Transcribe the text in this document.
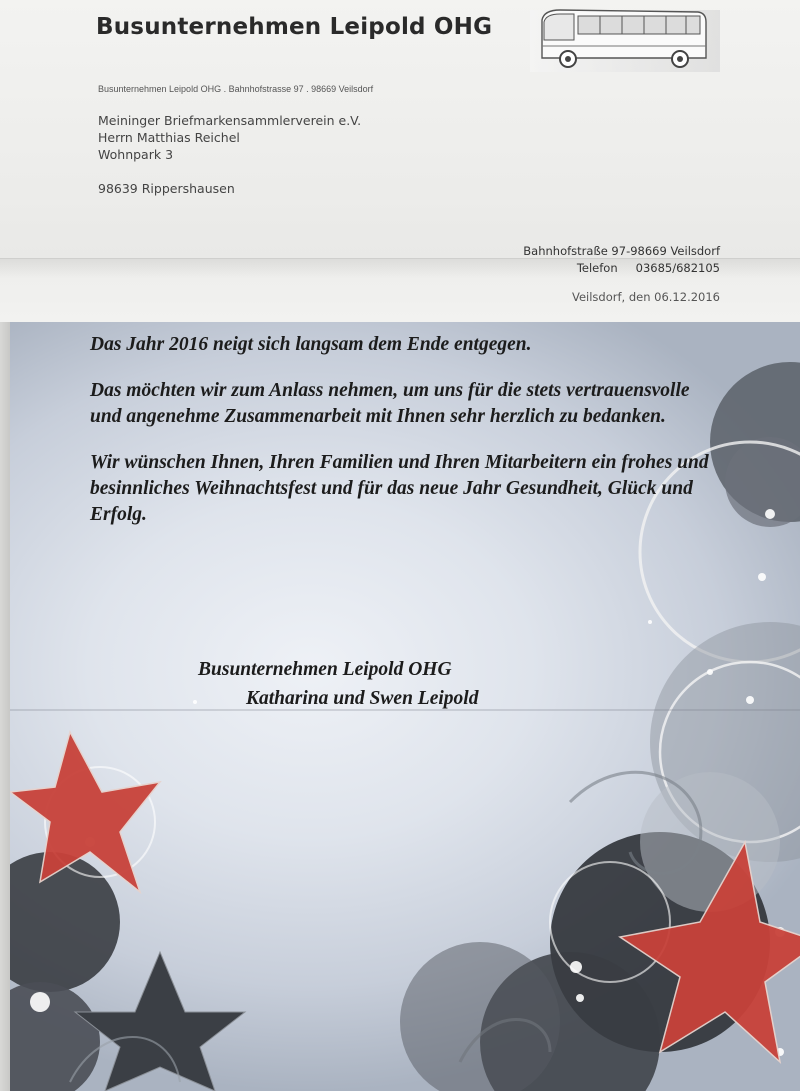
Busunternehmen Leipold OHG
Busunternehmen Leipold OHG . Bahnhofstrasse 97 . 98669 Veilsdorf
Meininger Briefmarkensammlerverein e.V.
Herrn Matthias Reichel
Wohnpark 3
98639 Rippershausen
Bahnhofstraße 97-98669 Veilsdorf
Telefon 03685/682105
Veilsdorf, den 06.12.2016

Das Jahr 2016 neigt sich langsam dem Ende entgegen.

Das möchten wir zum Anlass nehmen, um uns für die stets vertrauensvolle und angenehme Zusammenarbeit mit Ihnen sehr herzlich zu bedanken.

Wir wünschen Ihnen, Ihren Familien und Ihren Mitarbeitern ein frohes und besinnliches Weihnachtsfest und für das neue Jahr Gesundheit, Glück und Erfolg.

Busunternehmen Leipold OHG
Katharina und Swen Leipold
